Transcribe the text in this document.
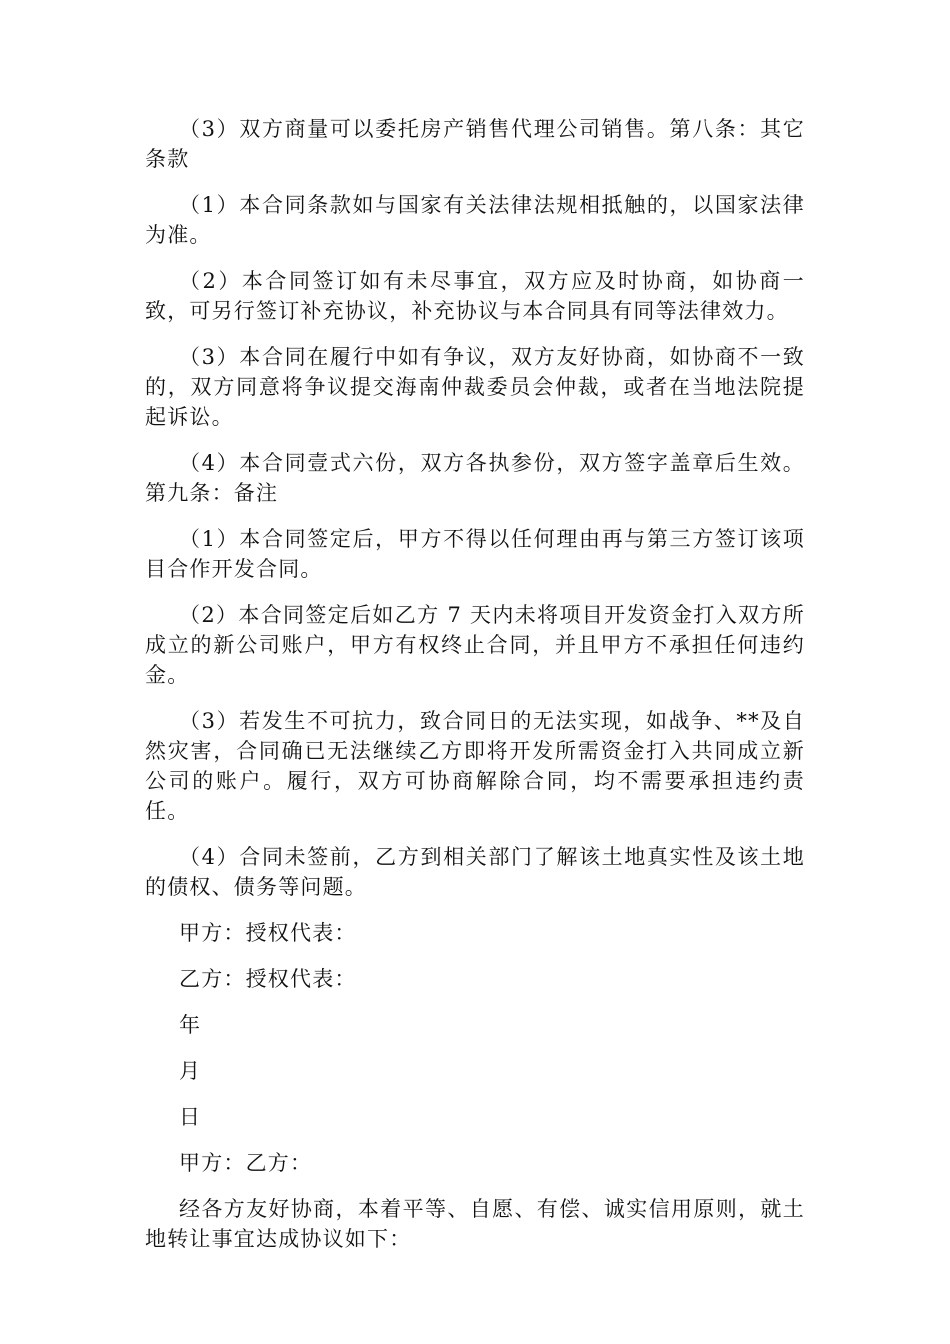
（3）双方商量可以委托房产销售代理公司销售。第八条：其它条款

（1）本合同条款如与国家有关法律法规相抵触的，以国家法律为准。

（2）本合同签订如有未尽事宜，双方应及时协商，如协商一致，可另行签订补充协议，补充协议与本合同具有同等法律效力。

（3）本合同在履行中如有争议，双方友好协商，如协商不一致的，双方同意将争议提交海南仲裁委员会仲裁，或者在当地法院提起诉讼。

（4）本合同壹式六份，双方各执参份，双方签字盖章后生效。第九条：备注

（1）本合同签定后，甲方不得以任何理由再与第三方签订该项目合作开发合同。

（2）本合同签定后如乙方 7 天内未将项目开发资金打入双方所成立的新公司账户，甲方有权终止合同，并且甲方不承担任何违约金。

（3）若发生不可抗力，致合同日的无法实现，如战争、**及自然灾害，合同确已无法继续乙方即将开发所需资金打入共同成立新公司的账户。履行，双方可协商解除合同，均不需要承担违约责任。

（4）合同未签前，乙方到相关部门了解该土地真实性及该土地的债权、债务等问题。

甲方：授权代表：

乙方：授权代表：

年

月

日

甲方：乙方：

经各方友好协商，本着平等、自愿、有偿、诚实信用原则，就土地转让事宜达成协议如下：
